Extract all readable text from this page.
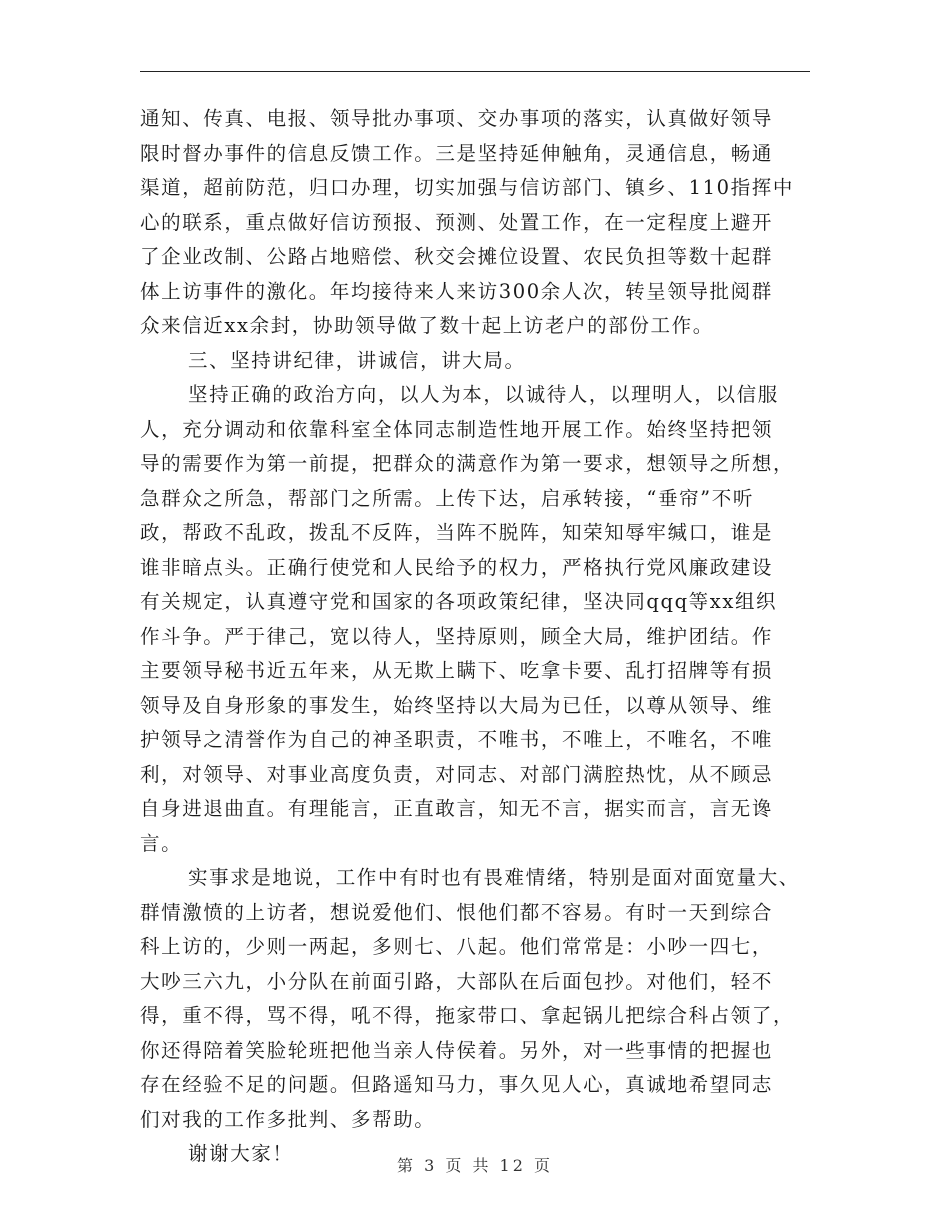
通知、传真、电报、领导批办事项、交办事项的落实，认真做好领导
限时督办事件的信息反馈工作。三是坚持延伸触角，灵通信息，畅通
渠道，超前防范，归口办理，切实加强与信访部门、镇乡、110指挥中
心的联系，重点做好信访预报、预测、处置工作，在一定程度上避开
了企业改制、公路占地赔偿、秋交会摊位设置、农民负担等数十起群
体上访事件的激化。年均接待来人来访300余人次，转呈领导批阅群
众来信近xx余封，协助领导做了数十起上访老户的部份工作。
三、坚持讲纪律，讲诚信，讲大局。
坚持正确的政治方向，以人为本，以诚待人，以理明人，以信服
人，充分调动和依靠科室全体同志制造性地开展工作。始终坚持把领
导的需要作为第一前提，把群众的满意作为第一要求，想领导之所想，
急群众之所急，帮部门之所需。上传下达，启承转接，“垂帘”不听
政，帮政不乱政，拨乱不反阵，当阵不脱阵，知荣知辱牢缄口，谁是
谁非暗点头。正确行使党和人民给予的权力，严格执行党风廉政建设
有关规定，认真遵守党和国家的各项政策纪律，坚决同qqq等xx组织
作斗争。严于律己，宽以待人，坚持原则，顾全大局，维护团结。作
主要领导秘书近五年来，从无欺上瞒下、吃拿卡要、乱打招牌等有损
领导及自身形象的事发生，始终坚持以大局为已任，以尊从领导、维
护领导之清誉作为自己的神圣职责，不唯书，不唯上，不唯名，不唯
利，对领导、对事业高度负责，对同志、对部门满腔热忱，从不顾忌
自身进退曲直。有理能言，正直敢言，知无不言，据实而言，言无谗
言。
实事求是地说，工作中有时也有畏难情绪，特别是面对面宽量大、
群情激愤的上访者，想说爱他们、恨他们都不容易。有时一天到综合
科上访的，少则一两起，多则七、八起。他们常常是：小吵一四七，
大吵三六九，小分队在前面引路，大部队在后面包抄。对他们，轻不
得，重不得，骂不得，吼不得，拖家带口、拿起锅儿把综合科占领了，
你还得陪着笑脸轮班把他当亲人侍侯着。另外，对一些事情的把握也
存在经验不足的问题。但路遥知马力，事久见人心，真诚地希望同志
们对我的工作多批判、多帮助。
谢谢大家！
第 3 页 共 12 页
